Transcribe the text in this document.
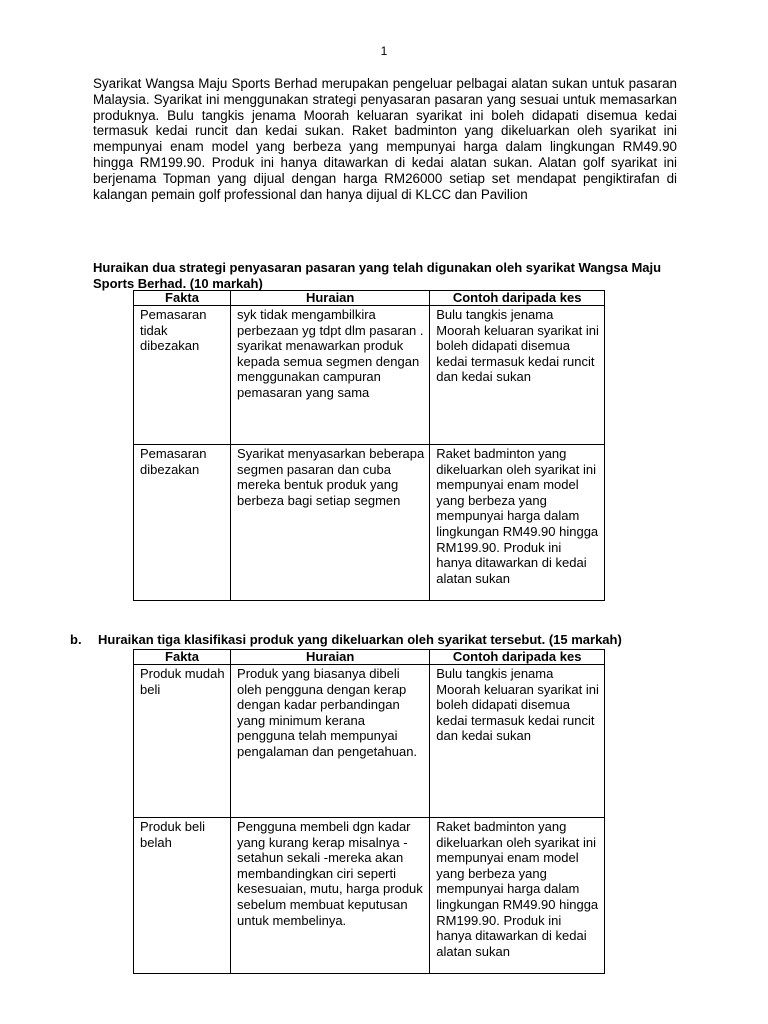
1

Syarikat Wangsa Maju Sports Berhad merupakan pengeluar pelbagai alatan sukan untuk pasaran Malaysia. Syarikat ini menggunakan strategi penyasaran pasaran yang sesuai untuk memasarkan produknya. Bulu tangkis jenama Moorah keluaran syarikat ini boleh didapati disemua kedai termasuk kedai runcit dan kedai sukan. Raket badminton yang dikeluarkan oleh syarikat ini mempunyai enam model yang berbeza yang mempunyai harga dalam lingkungan RM49.90 hingga RM199.90. Produk ini hanya ditawarkan di kedai alatan sukan. Alatan golf syarikat ini berjenama Topman yang dijual dengan harga RM26000 setiap set mendapat pengiktirafan di kalangan pemain golf professional dan hanya dijual di KLCC dan Pavilion

Huraikan dua strategi penyasaran pasaran yang telah digunakan oleh syarikat Wangsa Maju Sports Berhad. (10 markah)

Fakta	Huraian	Contoh daripada kes
Pemasaran tidak dibezakan	syk tidak mengambilkira perbezaan yg tdpt dlm pasaran . syarikat menawarkan produk kepada semua segmen dengan menggunakan campuran pemasaran yang sama	Bulu tangkis jenama Moorah keluaran syarikat ini boleh didapati disemua kedai termasuk kedai runcit dan kedai sukan
Pemasaran dibezakan	Syarikat menyasarkan beberapa segmen pasaran dan cuba mereka bentuk produk yang berbeza bagi setiap segmen	Raket badminton yang dikeluarkan oleh syarikat ini mempunyai enam model yang berbeza yang mempunyai harga dalam lingkungan RM49.90 hingga RM199.90. Produk ini hanya ditawarkan di kedai alatan sukan

b. Huraikan tiga klasifikasi produk yang dikeluarkan oleh syarikat tersebut. (15 markah)

Fakta	Huraian	Contoh daripada kes
Produk mudah beli	Produk yang biasanya dibeli oleh pengguna dengan kerap dengan kadar perbandingan yang minimum kerana pengguna telah mempunyai pengalaman dan pengetahuan.	Bulu tangkis jenama Moorah keluaran syarikat ini boleh didapati disemua kedai termasuk kedai runcit dan kedai sukan
Produk beli belah	Pengguna membeli dgn kadar yang kurang kerap misalnya -setahun sekali -mereka akan membandingkan ciri seperti kesesuaian, mutu, harga produk sebelum membuat keputusan untuk membelinya.	Raket badminton yang dikeluarkan oleh syarikat ini mempunyai enam model yang berbeza yang mempunyai harga dalam lingkungan RM49.90 hingga RM199.90. Produk ini hanya ditawarkan di kedai alatan sukan
